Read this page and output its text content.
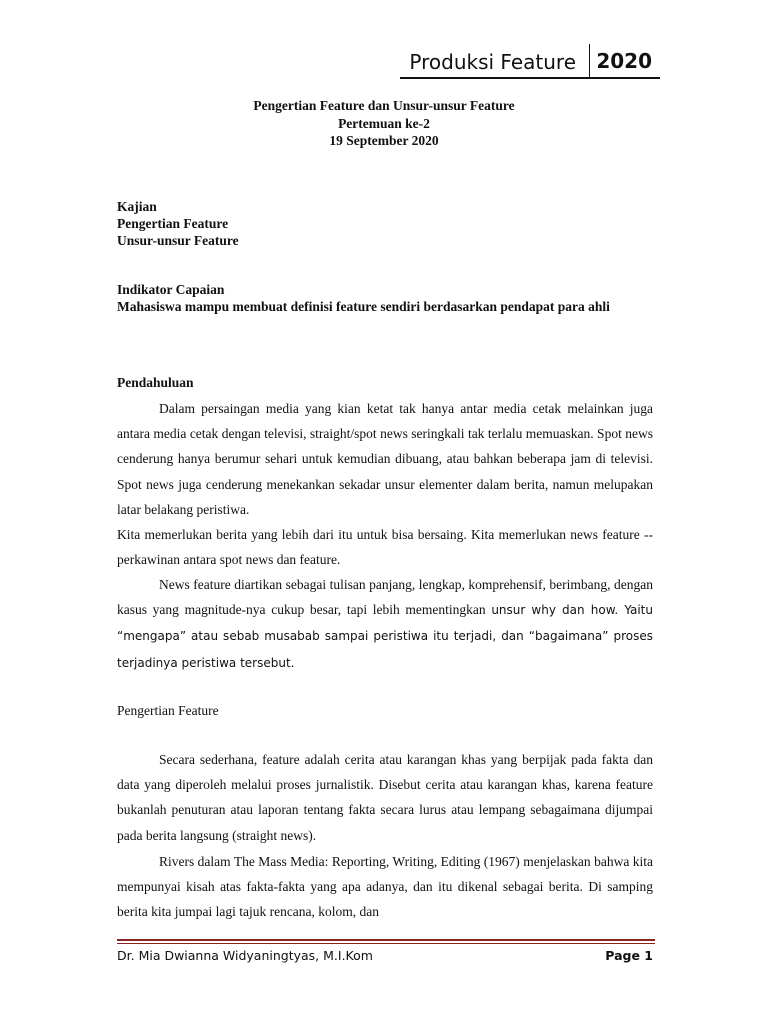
Produksi Feature 2020
Pengertian Feature dan Unsur-unsur Feature
Pertemuan ke-2
19 September 2020
Kajian
Pengertian Feature
Unsur-unsur Feature
Indikator Capaian
Mahasiswa mampu membuat definisi feature sendiri berdasarkan pendapat para ahli
Pendahuluan
Dalam persaingan media yang kian ketat tak hanya antar media cetak melainkan juga antara media cetak dengan televisi, straight/spot news seringkali tak terlalu memuaskan. Spot news cenderung hanya berumur sehari untuk kemudian dibuang, atau bahkan beberapa jam di televisi. Spot news juga cenderung menekankan sekadar unsur elementer dalam berita, namun melupakan latar belakang peristiwa.
Kita memerlukan berita yang lebih dari itu untuk bisa bersaing. Kita memerlukan news feature -- perkawinan antara spot news dan feature.
News feature diartikan sebagai tulisan panjang, lengkap, komprehensif, berimbang, dengan kasus yang magnitude-nya cukup besar, tapi lebih mementingkan unsur why dan how. Yaitu “mengapa” atau sebab musabab sampai peristiwa itu terjadi, dan “bagaimana” proses terjadinya peristiwa tersebut.
Pengertian Feature
Secara sederhana, feature adalah cerita atau karangan khas yang berpijak pada fakta dan data yang diperoleh melalui proses jurnalistik. Disebut cerita atau karangan khas, karena feature bukanlah penuturan atau laporan tentang fakta secara lurus atau lempang sebagaimana dijumpai pada berita langsung (straight news).
Rivers dalam The Mass Media: Reporting, Writing, Editing (1967) menjelaskan bahwa kita mempunyai kisah atas fakta-fakta yang apa adanya, dan itu dikenal sebagai berita. Di samping berita kita jumpai lagi tajuk rencana, kolom, dan
Dr. Mia Dwianna Widyaningtyas, M.I.Kom	Page 1
